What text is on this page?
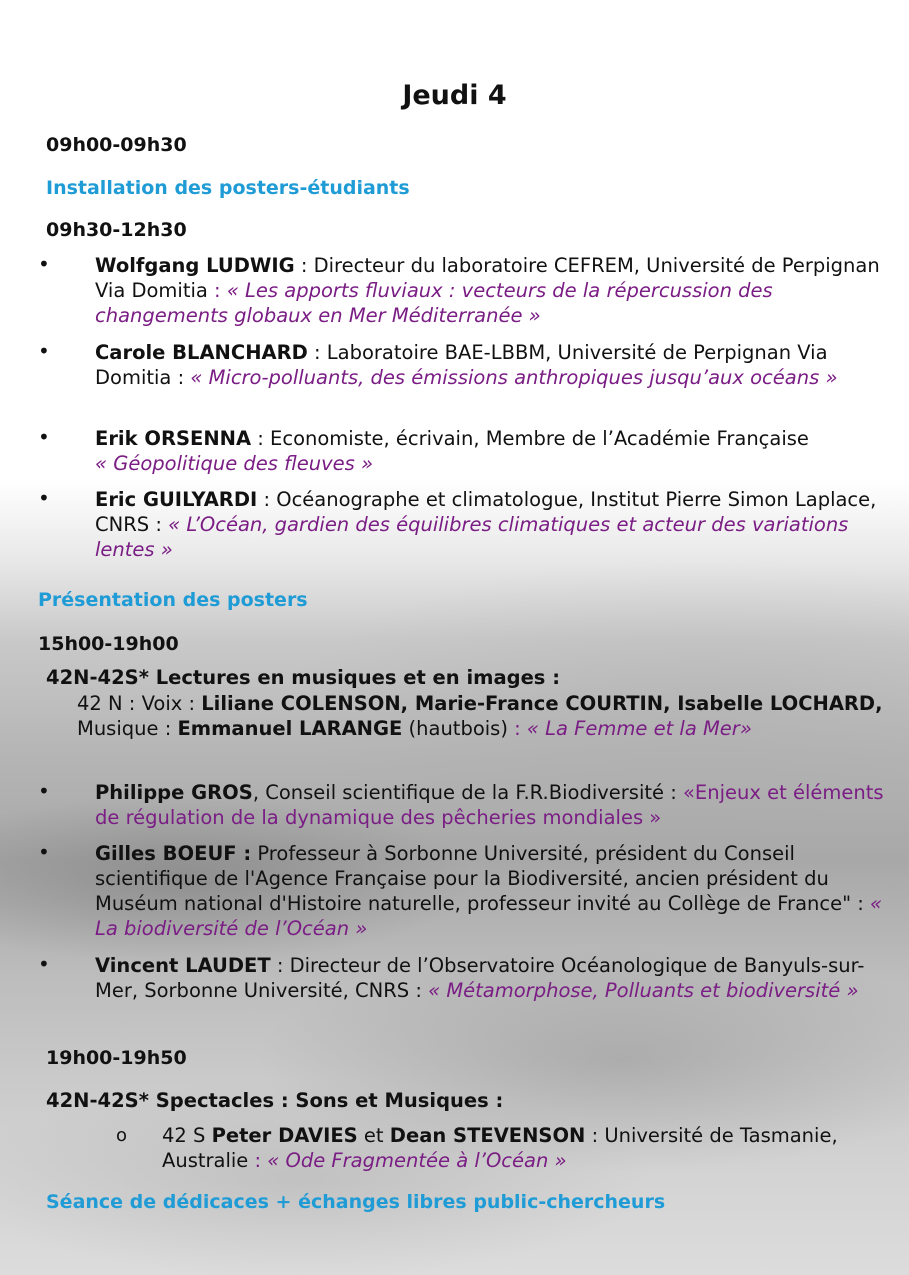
Jeudi 4
09h00-09h30
Installation des posters-étudiants
09h30-12h30
• Wolfgang LUDWIG : Directeur du laboratoire CEFREM, Université de Perpignan Via Domitia : « Les apports fluviaux : vecteurs de la répercussion des changements globaux en Mer Méditerranée »
• Carole BLANCHARD : Laboratoire BAE-LBBM, Université de Perpignan Via Domitia : « Micro-polluants, des émissions anthropiques jusqu’aux océans »
• Erik ORSENNA : Economiste, écrivain, Membre de l’Académie Française
« Géopolitique des fleuves »
• Eric GUILYARDI : Océanographe et climatologue, Institut Pierre Simon Laplace, CNRS : « L’Océan, gardien des équilibres climatiques et acteur des variations lentes »
Présentation des posters
15h00-19h00
42N-42S* Lectures en musiques et en images :
42 N : Voix : Liliane COLENSON, Marie-France COURTIN, Isabelle LOCHARD, Musique : Emmanuel LARANGE (hautbois) : « La Femme et la Mer»
• Philippe GROS, Conseil scientifique de la F.R.Biodiversité : «Enjeux et éléments de régulation de la dynamique des pêcheries mondiales »
• Gilles BOEUF : Professeur à Sorbonne Université, président du Conseil scientifique de l'Agence Française pour la Biodiversité, ancien président du Muséum national d'Histoire naturelle, professeur invité au Collège de France" : « La biodiversité de l’Océan »
• Vincent LAUDET : Directeur de l’Observatoire Océanologique de Banyuls-sur-Mer, Sorbonne Université, CNRS : « Métamorphose, Polluants et biodiversité »
19h00-19h50
42N-42S* Spectacles : Sons et Musiques :
o 42 S Peter DAVIES et Dean STEVENSON : Université de Tasmanie, Australie : « Ode Fragmentée à l’Océan »
Séance de dédicaces + échanges libres public-chercheurs
